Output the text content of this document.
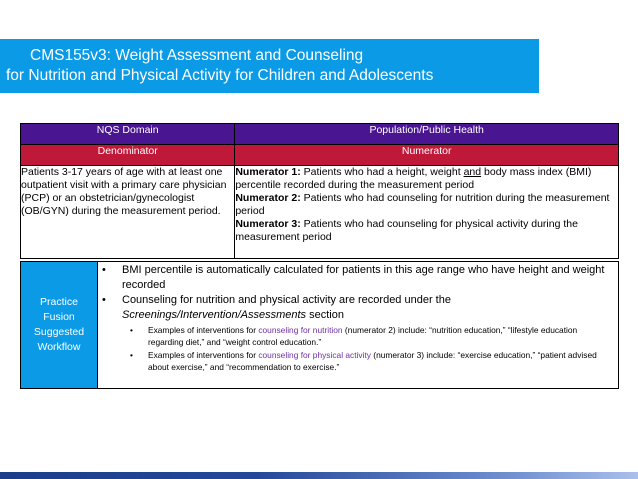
CMS155v3: Weight Assessment and Counseling
for Nutrition and Physical Activity for Children and Adolescents
NQS Domain	Population/Public Health
Denominator	Numerator
Patients 3-17 years of age with at least one outpatient visit with a primary care physician (PCP) or an obstetrician/gynecologist (OB/GYN) during the measurement period.	Numerator 1: Patients who had a height, weight and body mass index (BMI) percentile recorded during the measurement period
Numerator 2: Patients who had counseling for nutrition during the measurement period
Numerator 3: Patients who had counseling for physical activity during the measurement period
Practice
Fusion
Suggested
Workflow
• BMI percentile is automatically calculated for patients in this age range who have height and weight recorded
• Counseling for nutrition and physical activity are recorded under the Screenings/Intervention/Assessments section
• Examples of interventions for counseling for nutrition (numerator 2) include: “nutrition education,” “lifestyle education regarding diet,” and “weight control education.”
• Examples of interventions for counseling for physical activity (numerator 3) include: “exercise education,” “patient advised about exercise,” and “recommendation to exercise.”
